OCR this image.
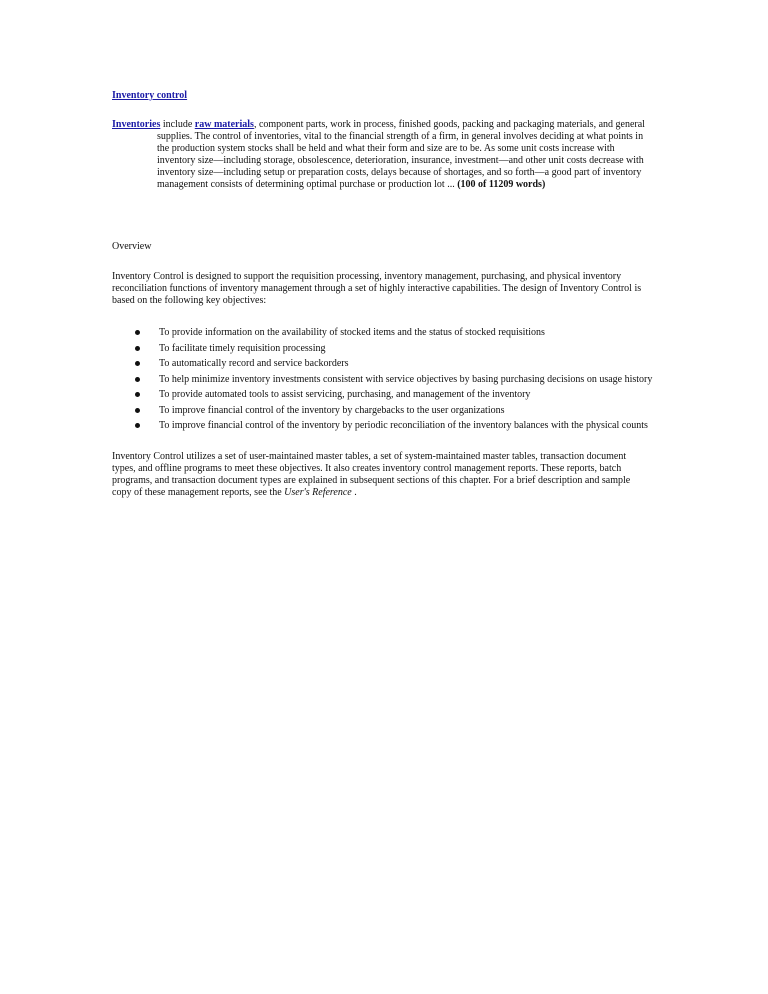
Inventory control
Inventories include raw materials, component parts, work in process, finished goods, packing and packaging materials, and general
supplies. The control of inventories, vital to the financial strength of a firm, in general involves deciding at what points in the production system stocks shall be held and what their form and size are to be. As some unit costs increase with inventory size—including storage, obsolescence, deterioration, insurance, investment—and other unit costs decrease with inventory size—including setup or preparation costs, delays because of shortages, and so forth—a good part of inventory management consists of determining optimal purchase or production lot ... (100 of 11209 words)
Overview
Inventory Control is designed to support the requisition processing, inventory management, purchasing, and physical inventory reconciliation functions of inventory management through a set of highly interactive capabilities. The design of Inventory Control is based on the following key objectives:
To provide information on the availability of stocked items and the status of stocked requisitions
To facilitate timely requisition processing
To automatically record and service backorders
To help minimize inventory investments consistent with service objectives by basing purchasing decisions on usage history
To provide automated tools to assist servicing, purchasing, and management of the inventory
To improve financial control of the inventory by chargebacks to the user organizations
To improve financial control of the inventory by periodic reconciliation of the inventory balances with the physical counts
Inventory Control utilizes a set of user-maintained master tables, a set of system-maintained master tables, transaction document types, and offline programs to meet these objectives. It also creates inventory control management reports. These reports, batch programs, and transaction document types are explained in subsequent sections of this chapter. For a brief description and sample copy of these management reports, see the User's Reference .
